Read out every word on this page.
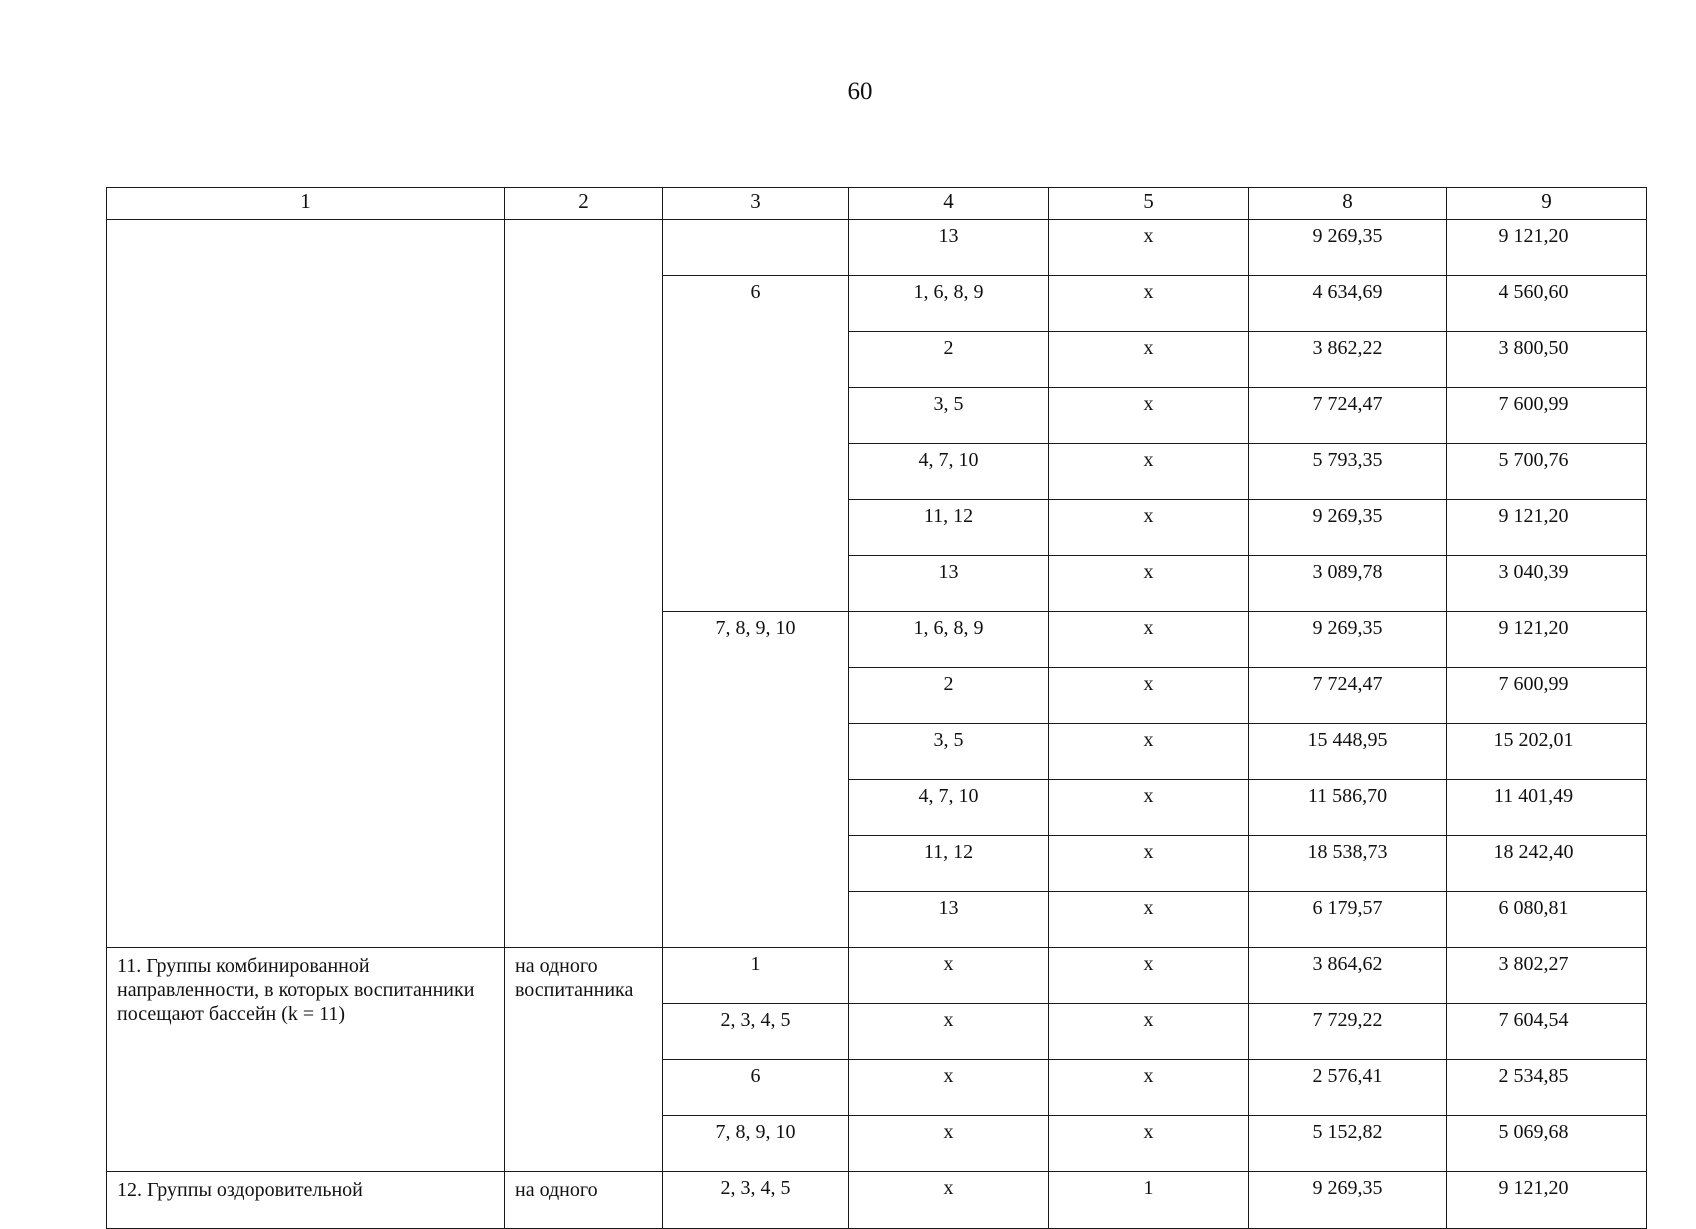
60
1	2	3	4	5	8	9
			13	x	9 269,35	9 121,20
		6	1, 6, 8, 9	x	4 634,69	4 560,60
			2	x	3 862,22	3 800,50
			3, 5	x	7 724,47	7 600,99
			4, 7, 10	x	5 793,35	5 700,76
			11, 12	x	9 269,35	9 121,20
			13	x	3 089,78	3 040,39
		7, 8, 9, 10	1, 6, 8, 9	x	9 269,35	9 121,20
			2	x	7 724,47	7 600,99
			3, 5	x	15 448,95	15 202,01
			4, 7, 10	x	11 586,70	11 401,49
			11, 12	x	18 538,73	18 242,40
			13	x	6 179,57	6 080,81
11. Группы комбинированной направленности, в которых воспитанники посещают бассейн (k = 11)	на одного воспитанника	1	x	x	3 864,62	3 802,27
		2, 3, 4, 5	x	x	7 729,22	7 604,54
		6	x	x	2 576,41	2 534,85
		7, 8, 9, 10	x	x	5 152,82	5 069,68
12. Группы оздоровительной	на одного	2, 3, 4, 5	x	1	9 269,35	9 121,20
